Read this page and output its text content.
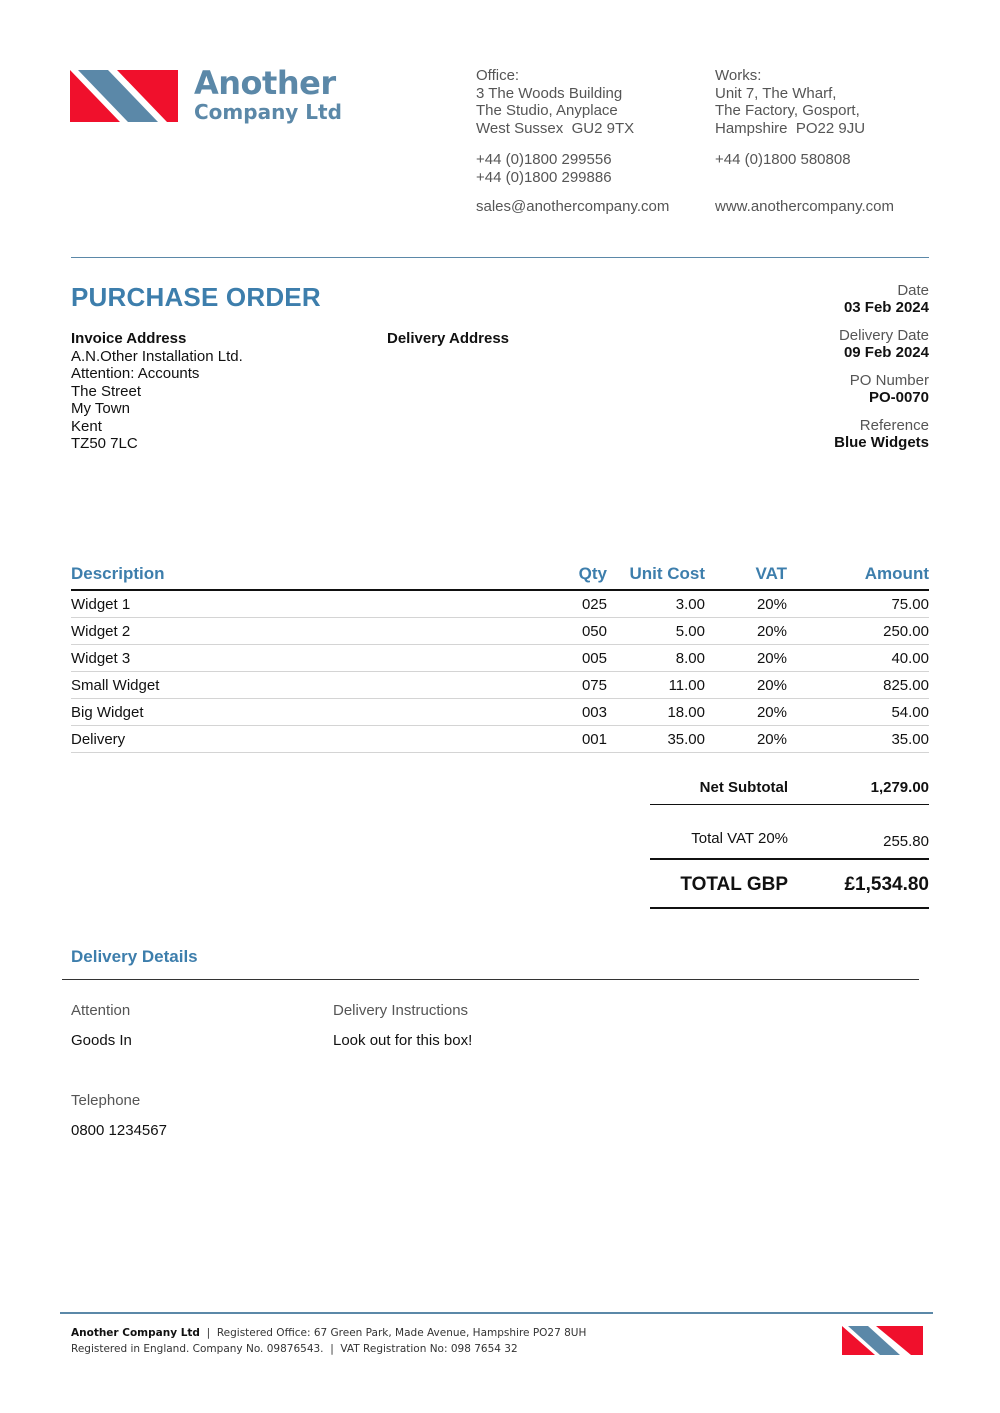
Another
Company Ltd
Office:
3 The Woods Building
The Studio, Anyplace
West Sussex  GU2 9TX
+44 (0)1800 299556
+44 (0)1800 299886
sales@anothercompany.com
Works:
Unit 7, The Wharf,
The Factory, Gosport,
Hampshire  PO22 9JU
+44 (0)1800 580808
www.anothercompany.com
PURCHASE ORDER
Invoice Address
A.N.Other Installation Ltd.
Attention: Accounts
The Street
My Town
Kent
TZ50 7LC
Delivery Address
Date
03 Feb 2024
Delivery Date
09 Feb 2024
PO Number
PO-0070
Reference
Blue Widgets
Description	Qty	Unit Cost	VAT	Amount
Widget 1	025	3.00	20%	75.00
Widget 2	050	5.00	20%	250.00
Widget 3	005	8.00	20%	40.00
Small Widget	075	11.00	20%	825.00
Big Widget	003	18.00	20%	54.00
Delivery	001	35.00	20%	35.00
Net Subtotal	1,279.00
Total VAT 20%	255.80
TOTAL GBP	£1,534.80
Delivery Details
Attention
Goods In
Delivery Instructions
Look out for this box!
Telephone
0800 1234567
Another Company Ltd  |  Registered Office: 67 Green Park, Made Avenue, Hampshire PO27 8UH
Registered in England. Company No. 09876543.  |  VAT Registration No: 098 7654 32
